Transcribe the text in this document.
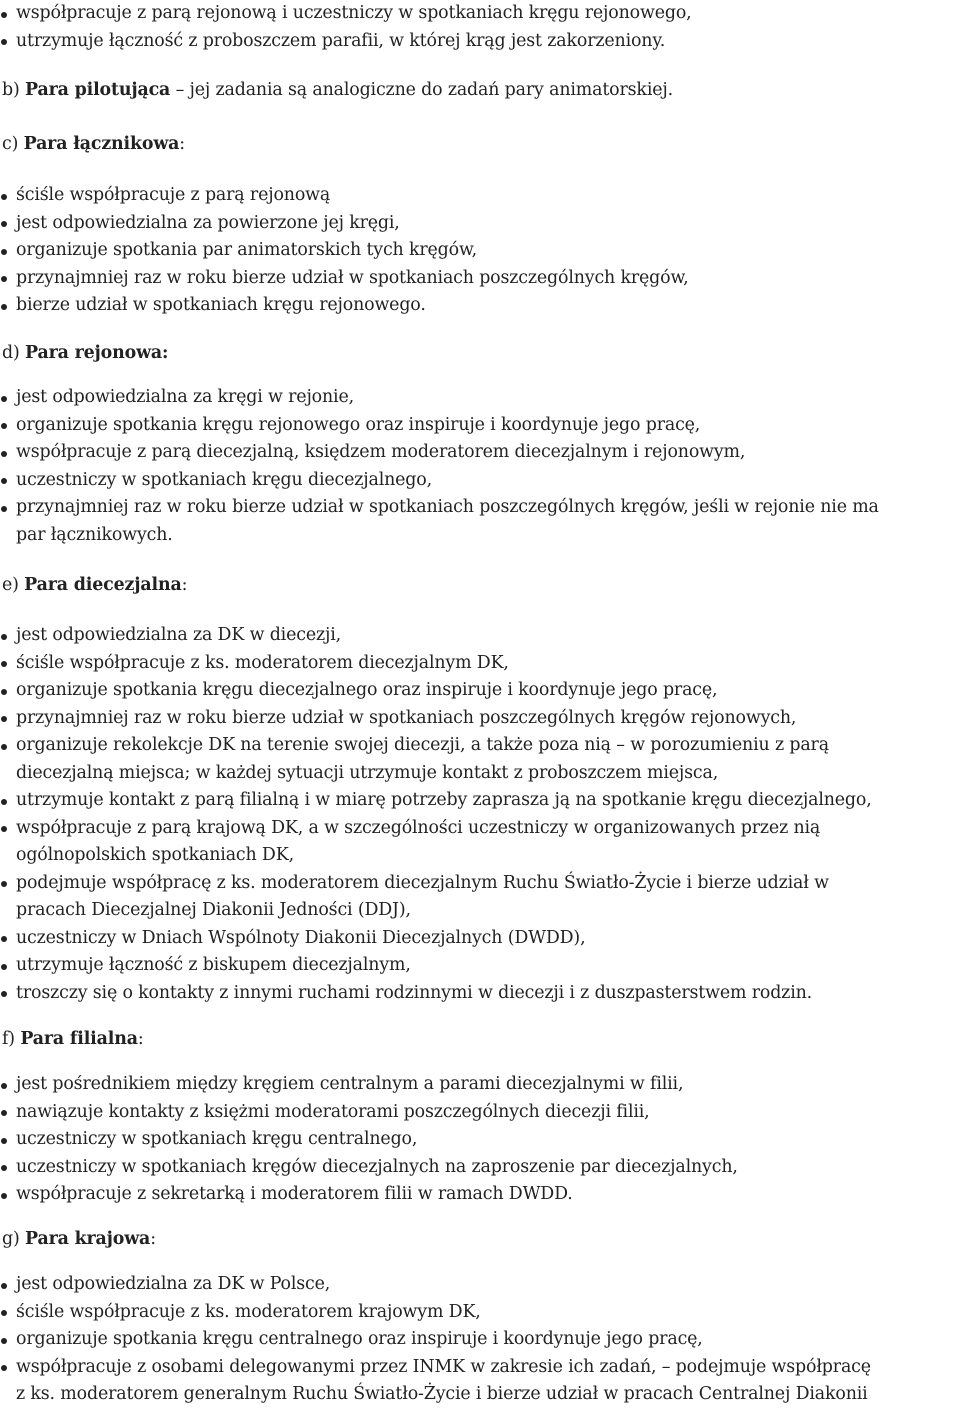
współpracuje z parą rejonową i uczestniczy w spotkaniach kręgu rejonowego,
utrzymuje łączność z proboszczem parafii, w której krąg jest zakorzeniony.
b) Para pilotująca – jej zadania są analogiczne do zadań pary animatorskiej.
c) Para łącznikowa:
ściśle współpracuje z parą rejonową
jest odpowiedzialna za powierzone jej kręgi,
organizuje spotkania par animatorskich tych kręgów,
przynajmniej raz w roku bierze udział w spotkaniach poszczególnych kręgów,
bierze udział w spotkaniach kręgu rejonowego.
d) Para rejonowa:
jest odpowiedzialna za kręgi w rejonie,
organizuje spotkania kręgu rejonowego oraz inspiruje i koordynuje jego pracę,
współpracuje z parą diecezjalną, księdzem moderatorem diecezjalnym i rejonowym,
uczestniczy w spotkaniach kręgu diecezjalnego,
przynajmniej raz w roku bierze udział w spotkaniach poszczególnych kręgów, jeśli w rejonie nie ma
par łącznikowych.
e) Para diecezjalna:
jest odpowiedzialna za DK w diecezji,
ściśle współpracuje z ks. moderatorem diecezjalnym DK,
organizuje spotkania kręgu diecezjalnego oraz inspiruje i koordynuje jego pracę,
przynajmniej raz w roku bierze udział w spotkaniach poszczególnych kręgów rejonowych,
organizuje rekolekcje DK na terenie swojej diecezji, a także poza nią – w porozumieniu z parą
diecezjalną miejsca; w każdej sytuacji utrzymuje kontakt z proboszczem miejsca,
utrzymuje kontakt z parą filialną i w miarę potrzeby zaprasza ją na spotkanie kręgu diecezjalnego,
współpracuje z parą krajową DK, a w szczególności uczestniczy w organizowanych przez nią
ogólnopolskich spotkaniach DK,
podejmuje współpracę z ks. moderatorem diecezjalnym Ruchu Światło-Życie i bierze udział w
pracach Diecezjalnej Diakonii Jedności (DDJ),
uczestniczy w Dniach Wspólnoty Diakonii Diecezjalnych (DWDD),
utrzymuje łączność z biskupem diecezjalnym,
troszczy się o kontakty z innymi ruchami rodzinnymi w diecezji i z duszpasterstwem rodzin.
f) Para filialna:
jest pośrednikiem między kręgiem centralnym a parami diecezjalnymi w filii,
nawiązuje kontakty z księżmi moderatorami poszczególnych diecezji filii,
uczestniczy w spotkaniach kręgu centralnego,
uczestniczy w spotkaniach kręgów diecezjalnych na zaproszenie par diecezjalnych,
współpracuje z sekretarką i moderatorem filii w ramach DWDD.
g) Para krajowa:
jest odpowiedzialna za DK w Polsce,
ściśle współpracuje z ks. moderatorem krajowym DK,
organizuje spotkania kręgu centralnego oraz inspiruje i koordynuje jego pracę,
współpracuje z osobami delegowanymi przez INMK w zakresie ich zadań, – podejmuje współpracę
z ks. moderatorem generalnym Ruchu Światło-Życie i bierze udział w pracach Centralnej Diakonii
